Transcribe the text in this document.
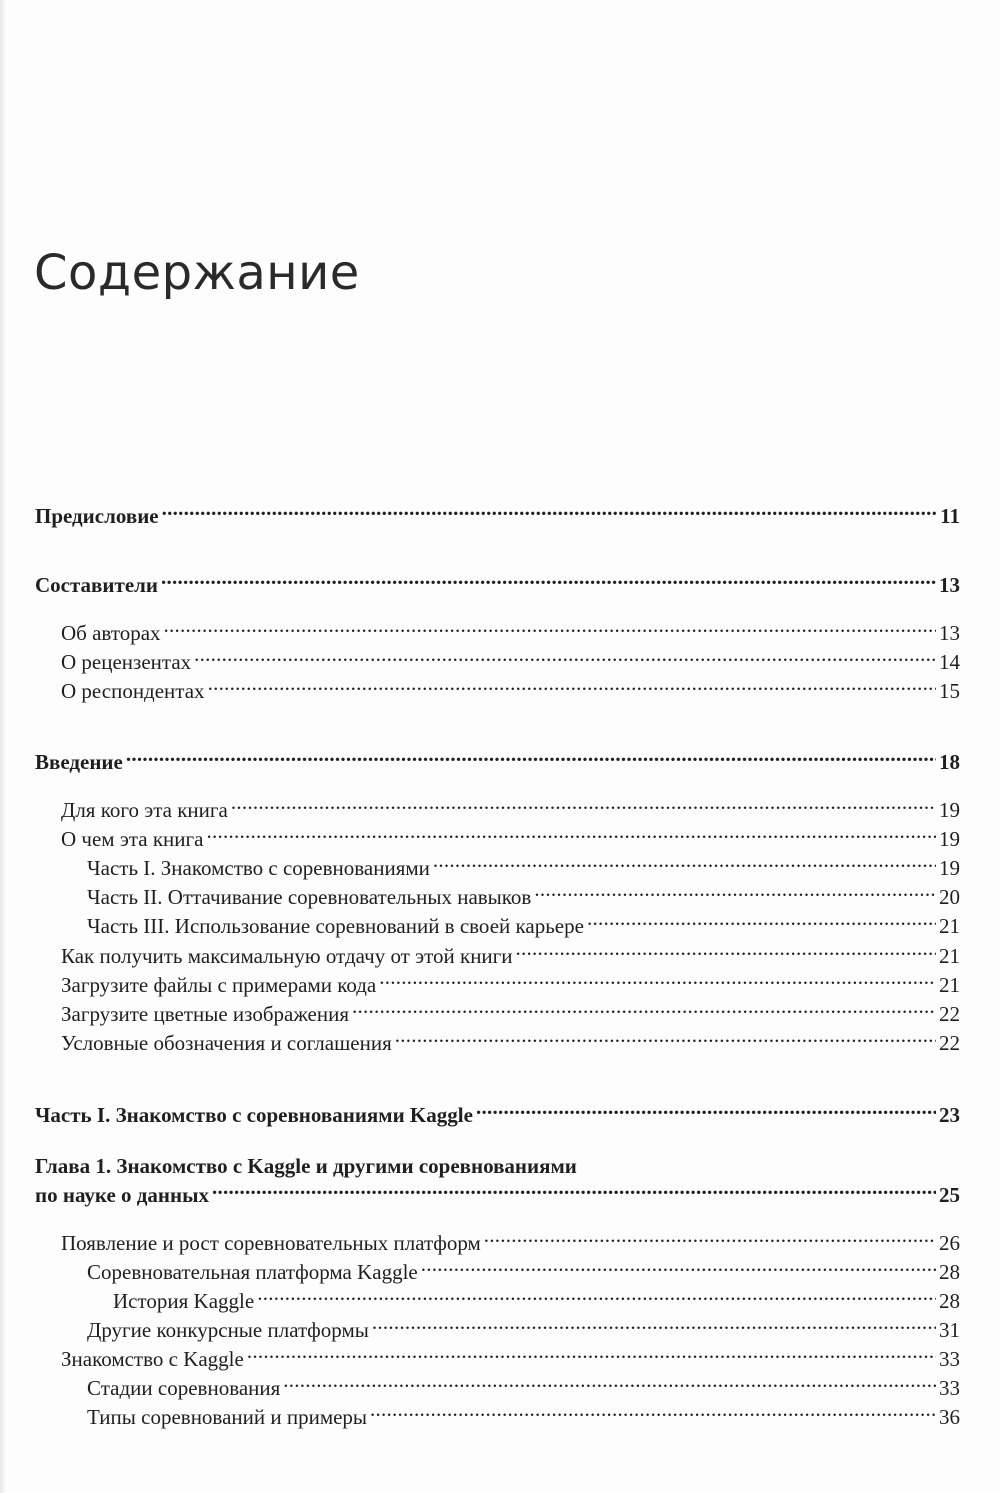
Содержание
Предисловие . . .	11
Составители . . .	13
Об авторах . . .	13
О рецензентах . . .	14
О респондентах . . .	15
Введение . . .	18
Для кого эта книга . . .	19
О чем эта книга . . .	19
Часть I. Знакомство с соревнованиями . . .	19
Часть II. Оттачивание соревновательных навыков . . .	20
Часть III. Использование соревнований в своей карьере . . .	21
Как получить максимальную отдачу от этой книги . . .	21
Загрузите файлы с примерами кода . . .	21
Загрузите цветные изображения . . .	22
Условные обозначения и соглашения . . .	22
Часть I. Знакомство с соревнованиями Kaggle . . .	23
Глава 1. Знакомство с Kaggle и другими соревнованиями
по науке о данных . . .	25
Появление и рост соревновательных платформ . . .	26
Соревновательная платформа Kaggle . . .	28
История Kaggle . . .	28
Другие конкурсные платформы . . .	31
Знакомство с Kaggle . . .	33
Стадии соревнования . . .	33
Типы соревнований и примеры . . .	36
